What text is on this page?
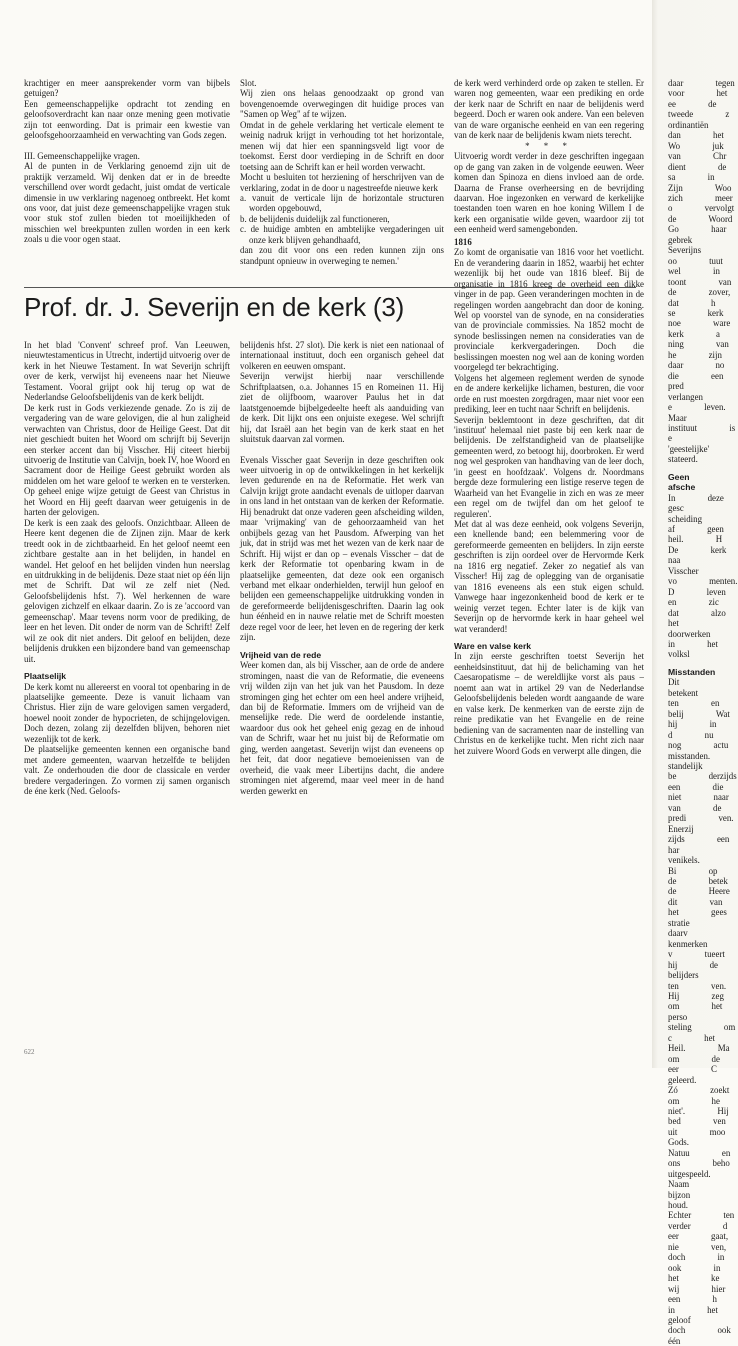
krachtiger en meer aansprekender vorm van bijbels getuigen?

Een gemeenschappelijke opdracht tot zending en geloofsoverdracht kan naar onze mening geen motivatie zijn tot eenwording. Dat is primair een kwestie van geloofsgehoorzaamheid en verwachting van Gods zegen.

III. Gemeenschappelijke vragen.

Al de punten in de Verklaring genoemd zijn uit de praktijk verzameld. Wij denken dat er in de breedte verschillend over wordt gedacht, juist omdat de verticale dimensie in uw verklaring nagenoeg ontbreekt. Het komt ons voor, dat juist deze gemeenschappelijke vragen stuk voor stuk stof zullen bieden tot moeilijkheden of misschien wel breekpunten zullen worden in een kerk zoals u die voor ogen staat.

Slot.

Wij zien ons helaas genoodzaakt op grond van bovengenoemde overwegingen dit huidige proces van "Samen op Weg" af te wijzen.

Omdat in de gehele verklaring het verticale element te weinig nadruk krijgt in verhouding tot het horizontale, menen wij dat hier een spanningsveld ligt voor de toekomst. Eerst door verdieping in de Schrift en door toetsing aan de Schrift kan er heil worden verwacht.

Mocht u besluiten tot herziening of herschrijven van de verklaring, zodat in de door u nagestreefde nieuwe kerk

a. vanuit de verticale lijn de horizontale structuren worden opgebouwd,
b. de belijdenis duidelijk zal functioneren,
c. de huidige ambten en ambtelijke vergaderingen uit onze kerk blijven gehandhaafd,

dan zou dit voor ons een reden kunnen zijn ons standpunt opnieuw in overweging te nemen.'

Prof. dr. J. Severijn en de kerk (3)

In het blad 'Convent' schreef prof. Van Leeuwen, nieuwtestamenticus in Utrecht, indertijd uitvoerig over de kerk in het Nieuwe Testament. In wat Severijn schrijft over de kerk, verwijst hij eveneens naar het Nieuwe Testament. Vooral grijpt ook hij terug op wat de Nederlandse Geloofsbelijdenis van de kerk belijdt.

De kerk rust in Gods verkiezende genade. Zo is zij de vergadering van de ware gelovigen, die al hun zaligheid verwachten van Christus, door de Heilige Geest. Dat dit niet geschiedt buiten het Woord om schrijft bij Severijn een sterker accent dan bij Visscher. Hij citeert hierbij uitvoerig de Institutie van Calvijn, boek IV, hoe Woord en Sacrament door de Heilige Geest gebruikt worden als middelen om het ware geloof te werken en te versterken. Op geheel enige wijze getuigt de Geest van Christus in het Woord en Hij geeft daarvan weer getuigenis in de harten der gelovigen.

De kerk is een zaak des geloofs. Onzichtbaar. Alleen de Heere kent degenen die de Zijnen zijn. Maar de kerk treedt ook in de zichtbaarheid. En het geloof neemt een zichtbare gestalte aan in het belijden, in handel en wandel. Het geloof en het belijden vinden hun neerslag en uitdrukking in de belijdenis. Deze staat niet op één lijn met de Schrift. Dat wil ze zelf niet (Ned. Geloofsbelijdenis hfst. 7). Wel herkennen de ware gelovigen zichzelf en elkaar daarin. Zo is ze 'accoord van gemeenschap'. Maar tevens norm voor de prediking, de leer en het leven. Dit onder de norm van de Schrift! Zelf wil ze ook dit niet anders. Dit geloof en belijden, deze belijdenis drukken een bijzondere band van gemeenschap uit.

Plaatselijk

De kerk komt nu allereerst en vooral tot openbaring in de plaatselijke gemeente. Deze is vanuit lichaam van Christus. Hier zijn de ware gelovigen samen vergaderd, hoewel nooit zonder de hypocrieten, de schijngelovigen. Doch dezen, zolang zij dezelfden blijven, behoren niet wezenlijk tot de kerk.

De plaatselijke gemeenten kennen een organische band met andere gemeenten, waarvan hetzelfde te belijden valt. Ze onderhouden die door de classicale en verder bredere vergaderingen. Zo vormen zij samen organisch de éne kerk (Ned. Geloofs-

belijdenis hfst. 27 slot). Die kerk is niet een nationaal of internationaal instituut, doch een organisch geheel dat volkeren en eeuwen omspant.

Severijn verwijst hierbij naar verschillende Schriftplaatsen, o.a. Johannes 15 en Romeinen 11. Hij ziet de olijfboom, waarover Paulus het in dat laatstgenoemde bijbelgedeelte heeft als aanduiding van de kerk. Dit lijkt ons een onjuiste exegese. Wel schrijft hij, dat Israël aan het begin van de kerk staat en het sluitstuk daarvan zal vormen.

Evenals Visscher gaat Severijn in deze geschriften ook weer uitvoerig in op de ontwikkelingen in het kerkelijk leven gedurende en na de Reformatie. Het werk van Calvijn krijgt grote aandacht evenals de uitloper daarvan in ons land in het ontstaan van de kerken der Reformatie. Hij benadrukt dat onze vaderen geen afscheiding wilden, maar 'vrijmaking' van de gehoorzaamheid van het onbijbels gezag van het Pausdom. Afwerping van het juk, dat in strijd was met het wezen van de kerk naar de Schrift. Hij wijst er dan op – evenals Visscher – dat de kerk der Reformatie tot openbaring kwam in de plaatselijke gemeenten, dat deze ook een organisch verband met elkaar onderhielden, terwijl hun geloof en belijden een gemeenschappelijke uitdrukking vonden in de gereformeerde belijdenisgeschriften. Daarin lag ook hun éénheid en in nauwe relatie met de Schrift moesten deze regel voor de leer, het leven en de regering der kerk zijn.

Vrijheid van de rede

Weer komen dan, als bij Visscher, aan de orde de andere stromingen, naast die van de Reformatie, die eveneens vrij wilden zijn van het juk van het Pausdom. In deze stromingen ging het echter om een heel andere vrijheid, dan bij de Reformatie. Immers om de vrijheid van de menselijke rede. Die werd de oordelende instantie, waardoor dus ook het geheel enig gezag en de inhoud van de Schrift, waar het nu juist bij de Reformatie om ging, werden aangetast. Severijn wijst dan eveneens op het feit, dat door negatieve bemoeienissen van de overheid, die vaak meer Libertijns dacht, die andere stromingen niet afgeremd, maar veel meer in de hand werden gewerkt en

de kerk werd verhinderd orde op zaken te stellen. Er waren nog gemeenten, waar een prediking en orde der kerk naar de Schrift en naar de belijdenis werd begeerd. Doch er waren ook andere. Van een beleven van de ware organische eenheid en van een regering van de kerk naar de belijdenis kwam niets terecht.

* * *

Uitvoerig wordt verder in deze geschriften ingegaan op de gang van zaken in de volgende eeuwen. Weer komen dan Spinoza en diens invloed aan de orde. Daarna de Franse overheersing en de bevrijding daarvan. Hoe ingezonken en verward de kerkelijke toestanden toen waren en hoe koning Willem I de kerk een organisatie wilde geven, waardoor zij tot een eenheid werd samengebonden.

1816

Zo komt de organisatie van 1816 voor het voetlicht. En de verandering daarin in 1852, waarbij het echter wezenlijk bij het oude van 1816 bleef. Bij de organisatie in 1816 kreeg de overheid een dikke vinger in de pap. Geen veranderingen mochten in de regelingen worden aangebracht dan door de koning. Wel op voorstel van de synode, en na consideraties van de provinciale commissies. Na 1852 mocht de synode beslissingen nemen na consideraties van de provinciale kerkvergaderingen. Doch die beslissingen moesten nog wel aan de koning worden voorgelegd ter bekrachtiging.

Volgens het algemeen reglement werden de synode en de andere kerkelijke lichamen, besturen, die voor orde en rust moesten zorgdragen, maar niet voor een prediking, leer en tucht naar Schrift en belijdenis.

Severijn beklemtoont in deze geschriften, dat dit 'instituut' helemaal niet paste bij een kerk naar de belijdenis. De zelfstandigheid van de plaatselijke gemeenten werd, zo betoogt hij, doorbroken. Er werd nog wel gesproken van handhaving van de leer doch, 'in geest en hoofdzaak'. Volgens dr. Noordmans bergde deze formulering een listige reserve tegen de Waarheid van het Evangelie in zich en was ze meer een regel om de twijfel dan om het geloof te reguleren'.

Met dat al was deze eenheid, ook volgens Severijn, een knellende band; een belemmering voor de gereformeerde gemeenten en belijders. In zijn eerste geschriften is zijn oordeel over de Hervormde Kerk na 1816 erg negatief. Zeker zo negatief als van Visscher! Hij zag de oplegging van de organisatie van 1816 eveneens als een stuk eigen schuld. Vanwege haar ingezonkenheid bood de kerk er te weinig verzet tegen. Echter later is de kijk van Severijn op de hervormde kerk in haar geheel wel wat veranderd!

Ware en valse kerk

In zijn eerste geschriften toetst Severijn het eenheidsinstituut, dat hij de belichaming van het Caesaropatisme – de wereldlijke vorst als paus – noemt aan wat in artikel 29 van de Nederlandse Geloofsbelijdenis beleden wordt aangaande de ware en valse kerk. De kenmerken van de eerste zijn de reine predikatie van het Evangelie en de reine bediening van de sacramenten naar de instelling van Christus en de kerkelijke tucht. Men richt zich naar het zuivere Woord Gods en verwerpt alle dingen, die

daar tegen voor het ee de tweede z ordinantiën dan het Wo juk van Chr dient de sa in Zijn Woo zich meer o vervolgt de Woord Go haar gebrek Severijns oo tuut wel in toont van de zover, dat h se kerk noe ware kerk a ning van he zijn daar no die een pred verlangen e leven. Maar instituut is e 'geestelijke' stateerd.

Geen afsche

In deze gesc scheiding af geen heil. H De kerk naa Visscher vo menten. D leven en zic dat alzo het doorwerken in het volksl

Misstanden

Dit betekent ten en belij Wat hij in d nu nog actu misstanden. standelijk be derzijds een die niet naar van de predi ven. Enerzij zijds een har venikels. Bi op de betek de Heere dit van het gees stratie daarv kenmerken v tueert hij de belijders ten ven. Hij zeg om het perso steling om c het Heil. Ma om de eer C geleerd. Zó zoekt om he niet'. Hij bed ven uit moo Gods. Natuu en ons beho uitgespeeld. Naam bijzon houd. Echter ten verder d eer gaat, nie ven, doch in ook in het ke wij hier een h in het geloof doch ook één

622
